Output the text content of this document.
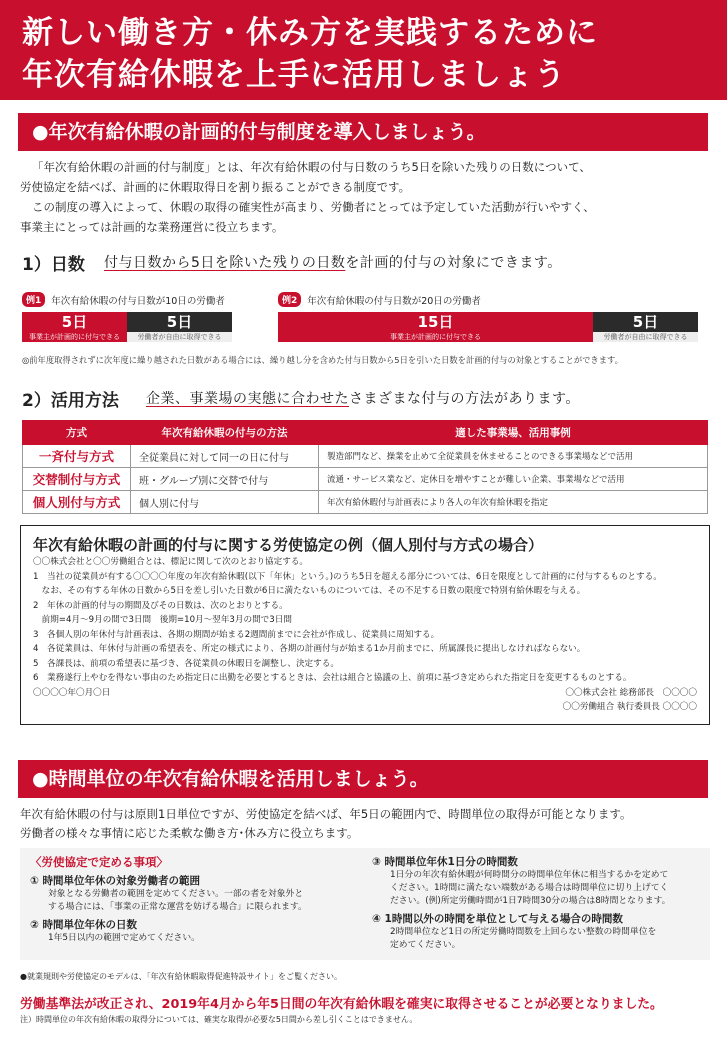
新しい働き方・休み方を実践するために
年次有給休暇を上手に活用しましょう
●年次有給休暇の計画的付与制度を導入しましょう。
「年次有給休暇の計画的付与制度」とは、年次有給休暇の付与日数のうち5日を除いた残りの日数について、
労使協定を結べば、計画的に休暇取得日を割り振ることができる制度です。
この制度の導入によって、休暇の取得の確実性が高まり、労働者にとっては予定していた活動が行いやすく、
事業主にとっては計画的な業務運営に役立ちます。
1）日数 付与日数から5日を除いた残りの日数を計画的付与の対象にできます。
例1	年次有給休暇の付与日数が10日の労働者
5日
事業主が計画的に付与できる
5日
労働者が自由に取得できる
例2	年次有給休暇の付与日数が20日の労働者
15日
事業主が計画的に付与できる
5日
労働者が自由に取得できる
◎前年度取得されずに次年度に繰り越された日数がある場合には、繰り越し分を含めた付与日数から5日を引いた日数を計画的付与の対象とすることができます。
2）活用方法 企業、事業場の実態に合わせたさまざまな付与の方法があります。
方式	年次有給休暇の付与の方法	適した事業場、活用事例
一斉付与方式	全従業員に対して同一の日に付与	製造部門など、操業を止めて全従業員を休ませることのできる事業場などで活用
交替制付与方式	班・グループ別に交替で付与	流通・サービス業など、定休日を増やすことが難しい企業、事業場などで活用
個人別付与方式	個人別に付与	年次有給休暇付与計画表により各人の年次有給休暇を指定
年次有給休暇の計画的付与に関する労使協定の例（個人別付与方式の場合）
〇〇株式会社と〇〇労働組合とは、標記に関して次のとおり協定する。
1　当社の従業員が有する〇〇〇〇年度の年次有給休暇(以下「年休」という。)のうち5日を超える部分については、6日を限度として計画的に付与するものとする。
　なお、その有する年休の日数から5日を差し引いた日数が6日に満たないものについては、その不足する日数の限度で特別有給休暇を与える。
2　年休の計画的付与の期間及びその日数は、次のとおりとする。
　前期=4月～9月の間で3日間　後期=10月～翌年3月の間で3日間
3　各個人別の年休付与計画表は、各期の期間が始まる2週間前までに会社が作成し、従業員に周知する。
4　各従業員は、年休付与計画の希望表を、所定の様式により、各期の計画付与が始まる1か月前までに、所属課長に提出しなければならない。
5　各課長は、前項の希望表に基づき、各従業員の休暇日を調整し、決定する。
6　業務遂行上やむを得ない事由のため指定日に出勤を必要とするときは、会社は組合と協議の上、前項に基づき定められた指定日を変更するものとする。
〇〇〇〇年〇月〇日	〇〇株式会社 総務部長　〇〇〇〇
〇〇労働組合 執行委員長 〇〇〇〇
●時間単位の年次有給休暇を活用しましょう。
年次有給休暇の付与は原則1日単位ですが、労使協定を結べば、年5日の範囲内で、時間単位の取得が可能となります。
労働者の様々な事情に応じた柔軟な働き方･休み方に役立ちます。
〈労使協定で定める事項〉
① 時間単位年休の対象労働者の範囲
対象となる労働者の範囲を定めてください。一部の者を対象外と
する場合には、「事業の正常な運営を妨げる場合」に限られます。
② 時間単位年休の日数
1年5日以内の範囲で定めてください。
③ 時間単位年休1日分の時間数
1日分の年次有給休暇が何時間分の時間単位年休に相当するかを定めて
ください。1時間に満たない端数がある場合は時間単位に切り上げてく
ださい。(例)所定労働時間が1日7時間30分の場合は8時間となります。
④ 1時間以外の時間を単位として与える場合の時間数
2時間単位など1日の所定労働時間数を上回らない整数の時間単位を
定めてください。
●就業規則や労使協定のモデルは、「年次有給休暇取得促進特設サイト」をご覧ください。
労働基準法が改正され、2019年4月から年5日間の年次有給休暇を確実に取得させることが必要となりました。
注）時間単位の年次有給休暇の取得分については、確実な取得が必要な5日間から差し引くことはできません。
